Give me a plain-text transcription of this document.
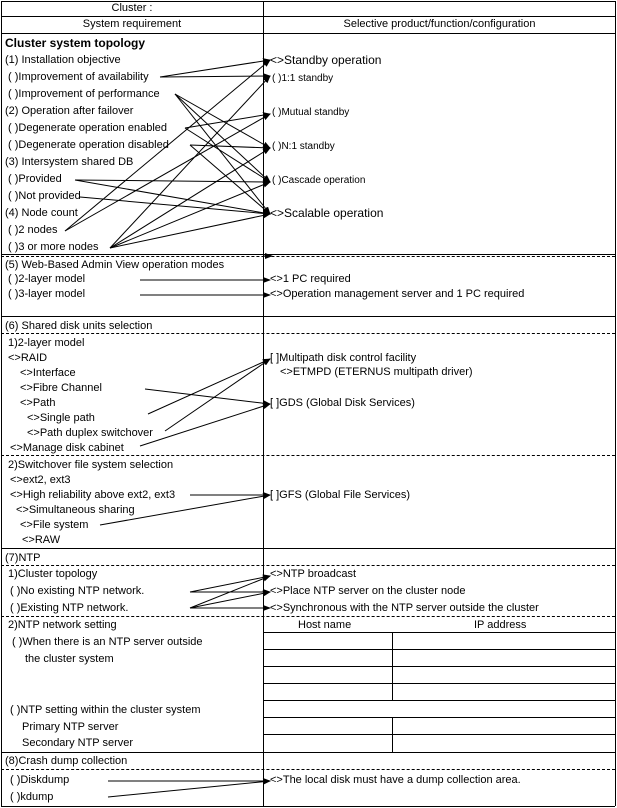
Cluster :
System requirement	Selective product/function/configuration
Cluster system topology
(1) Installation objective
( )Improvement of availability
( )Improvement of performance
(2) Operation after failover
( )Degenerate operation enabled
( )Degenerate operation disabled
(3) Intersystem shared DB
( )Provided
( )Not provided
(4) Node count
( )2 nodes
( )3 or more nodes
<>Standby operation
( )1:1 standby
( )Mutual standby
( )N:1 standby
( )Cascade operation
<>Scalable operation
(5) Web-Based Admin View operation modes
( )2-layer model
( )3-layer model
<>1 PC required
<>Operation management server and 1 PC required
(6) Shared disk units selection
1)2-layer model
<>RAID
<>Interface
<>Fibre Channel
<>Path
<>Single path
<>Path duplex switchover
<>Manage disk cabinet
[ ]Multipath disk control facility
<>ETMPD (ETERNUS multipath driver)
[ ]GDS (Global Disk Services)
2)Switchover file system selection
<>ext2, ext3
<>High reliability above ext2, ext3
<>Simultaneous sharing
<>File system
<>RAW
[ ]GFS (Global File Services)
(7)NTP
1)Cluster topology
( )No existing NTP network.
( )Existing NTP network.
<>NTP broadcast
<>Place NTP server on the cluster node
<>Synchronous with the NTP server outside the cluster
2)NTP network setting
( )When there is an NTP server outside
the cluster system
( )NTP setting within the cluster system
Primary NTP server
Secondary NTP server
Host name	IP address
(8)Crash dump collection
( )Diskdump
( )kdump
<>The local disk must have a dump collection area.
